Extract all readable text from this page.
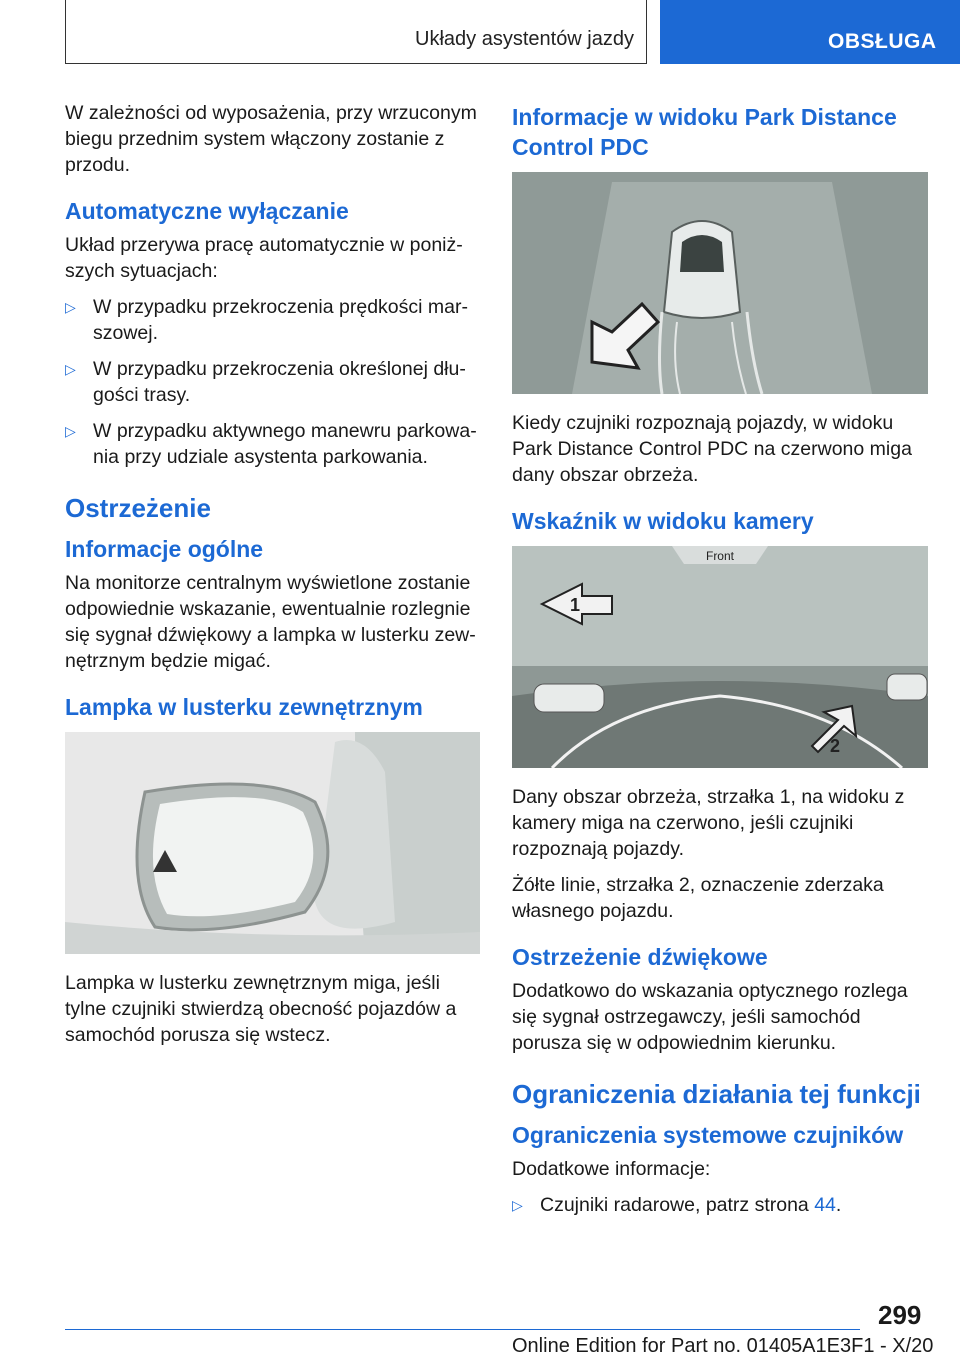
Układy asystentów jazdy	OBSŁUGA

W zależności od wyposażenia, przy wrzuconym biegu przednim system włączony zostanie z przodu.

Automatyczne wyłączanie

Układ przerywa pracę automatycznie w poniższych sytuacjach:

▷ W przypadku przekroczenia prędkości marszowej.
▷ W przypadku przekroczenia określonej długości trasy.
▷ W przypadku aktywnego manewru parkowania przy udziale asystenta parkowania.
Ostrzeżenie
Informacje ogólne

Na monitorze centralnym wyświetlone zostanie odpowiednie wskazanie, ewentualnie rozlegnie się sygnał dźwiękowy a lampka w lusterku zewnętrznym będzie migać.

Lampka w lusterku zewnętrznym

Lampka w lusterku zewnętrznym miga, jeśli tylne czujniki stwierdzą obecność pojazdów a samochód porusza się wstecz.

Informacje w widoku Park Distance Control PDC

Kiedy czujniki rozpoznają pojazdy, w widoku Park Distance Control PDC na czerwono miga dany obszar obrzeża.

Wskaźnik w widoku kamery
Front
1
2

Dany obszar obrzeża, strzałka 1, na widoku z kamery miga na czerwono, jeśli czujniki rozpoznają pojazdy.

Żółte linie, strzałka 2, oznaczenie zderzaka własnego pojazdu.

Ostrzeżenie dźwiękowe

Dodatkowo do wskazania optycznego rozlega się sygnał ostrzegawczy, jeśli samochód porusza się w odpowiednim kierunku.

Ograniczenia działania tej funkcji
Ograniczenia systemowe czujników

Dodatkowe informacje:

▷ Czujniki radarowe, patrz strona 44.
299
Online Edition for Part no. 01405A1E3F1 - X/20
